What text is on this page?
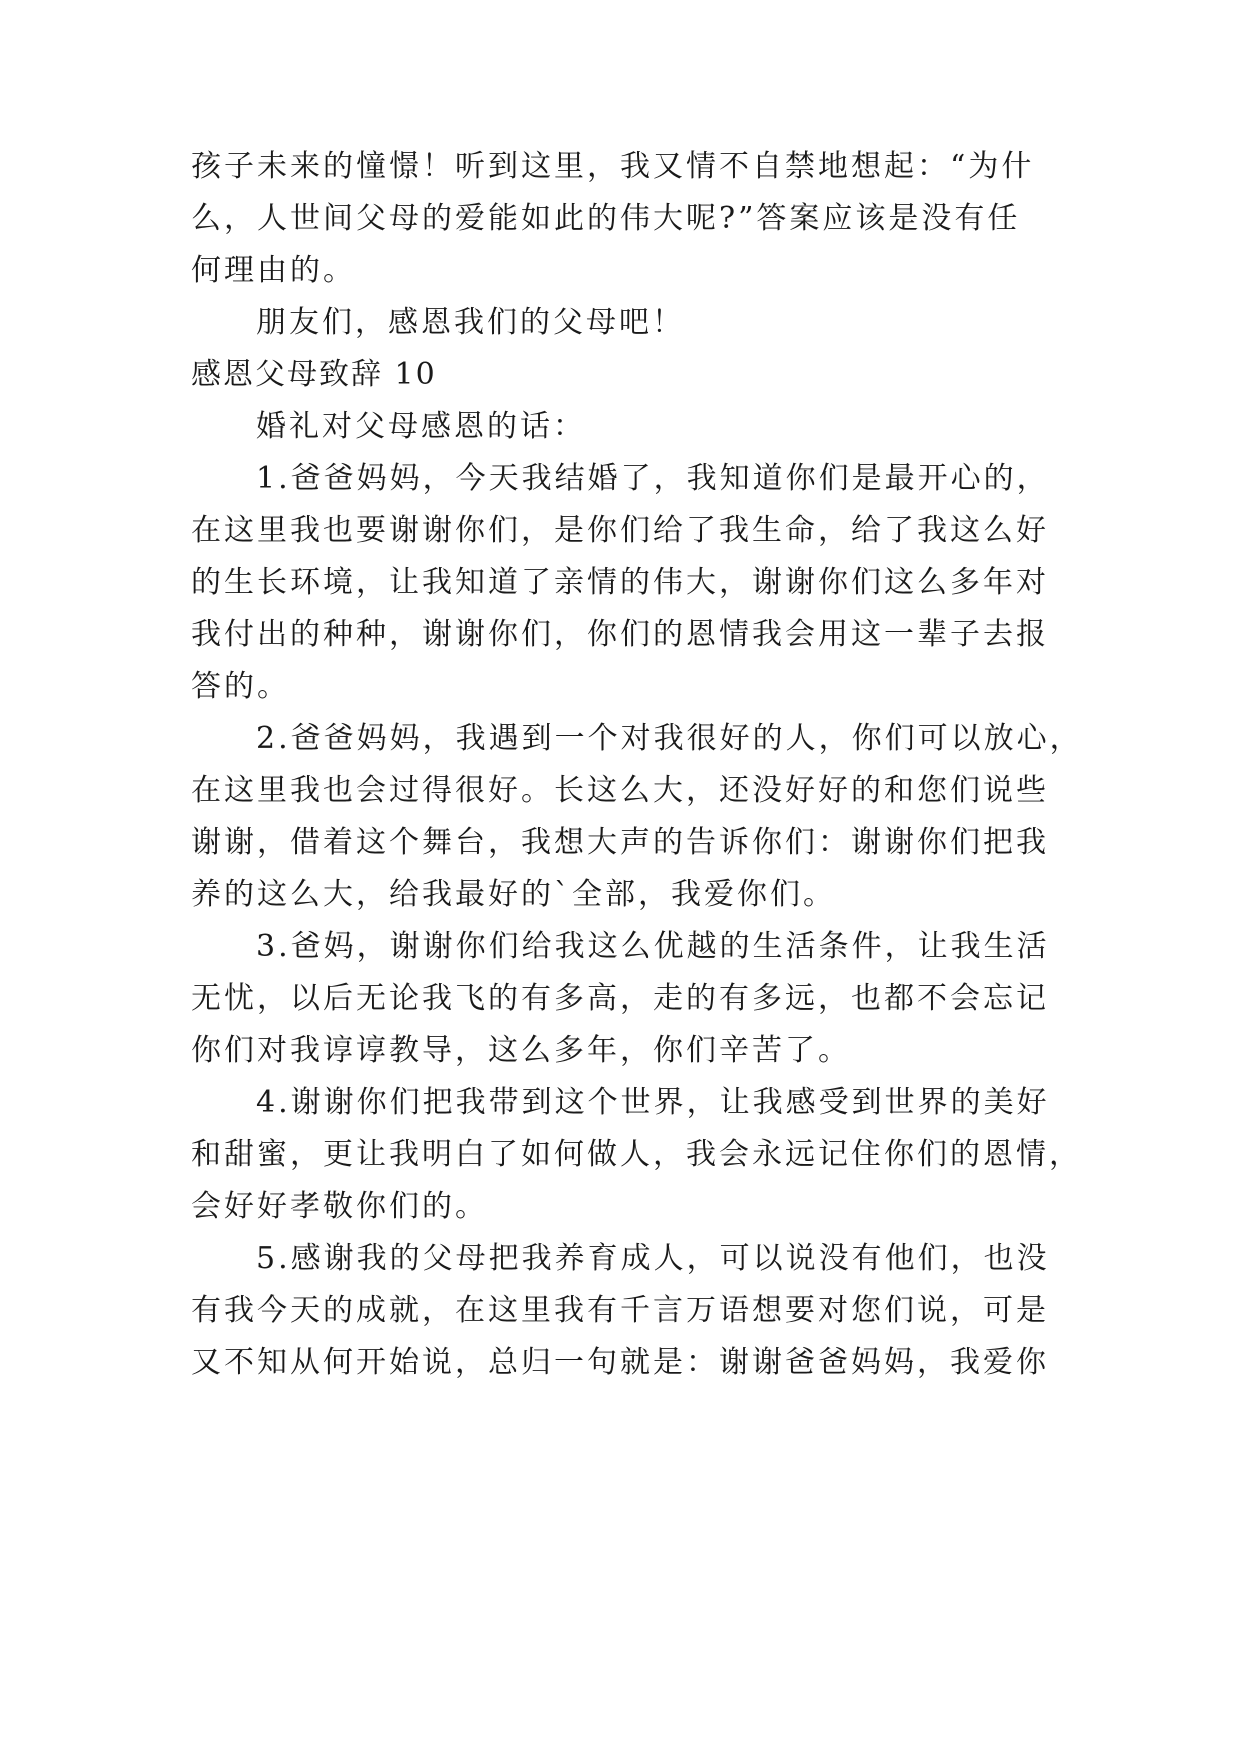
孩子未来的憧憬！听到这里，我又情不自禁地想起：“为什
么，人世间父母的爱能如此的伟大呢?”答案应该是没有任
何理由的。
朋友们，感恩我们的父母吧！
感恩父母致辞 10
婚礼对父母感恩的话：
1.爸爸妈妈，今天我结婚了，我知道你们是最开心的，
在这里我也要谢谢你们，是你们给了我生命，给了我这么好
的生长环境，让我知道了亲情的伟大，谢谢你们这么多年对
我付出的种种，谢谢你们，你们的恩情我会用这一辈子去报
答的。
2.爸爸妈妈，我遇到一个对我很好的人，你们可以放心，
在这里我也会过得很好。长这么大，还没好好的和您们说些
谢谢，借着这个舞台，我想大声的告诉你们：谢谢你们把我
养的这么大，给我最好的`全部，我爱你们。
3.爸妈，谢谢你们给我这么优越的生活条件，让我生活
无忧，以后无论我飞的有多高，走的有多远，也都不会忘记
你们对我谆谆教导，这么多年，你们辛苦了。
4.谢谢你们把我带到这个世界，让我感受到世界的美好
和甜蜜，更让我明白了如何做人，我会永远记住你们的恩情，
会好好孝敬你们的。
5.感谢我的父母把我养育成人，可以说没有他们，也没
有我今天的成就，在这里我有千言万语想要对您们说，可是
又不知从何开始说，总归一句就是：谢谢爸爸妈妈，我爱你
